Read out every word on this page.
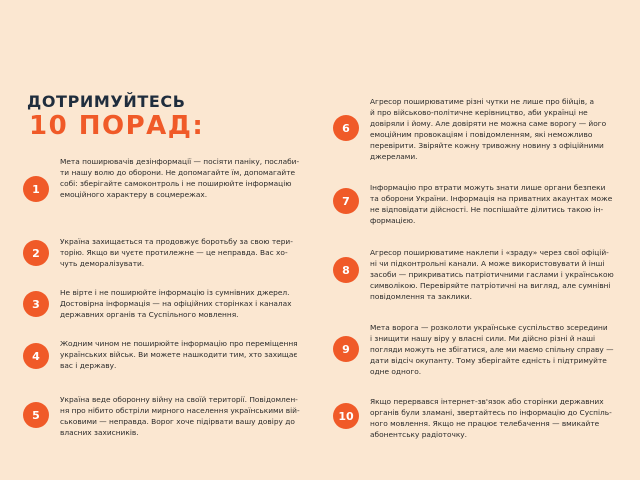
ДОТРИМУЙТЕСЬ
10 ПОРАД:
1
Мета поширювачів дезінформації — посіяти паніку, послаби-
ти нашу волю до оборони. Не допомагайте їм, допомагайте
собі: зберігайте самоконтроль і не поширюйте інформацію
емоційного характеру в соцмережах.
2
Україна захищається та продовжує боротьбу за свою тери-
торію. Якщо ви чуєте протилежне — це неправда. Вас хо-
чуть деморалізувати.
3
Не вірте і не поширюйте інформацію із сумнівних джерел.
Достовірна інформація — на офіційних сторінках і каналах
державних органів та Суспільного мовлення.
4
Жодним чином не поширюйте інформацію про переміщення
українських військ. Ви можете нашкодити тим, хто захищає
вас і державу.
5
Україна веде оборонну війну на своїй території. Повідомлен-
ня про нібито обстріли мирного населення українськими вій-
ськовими — неправда. Ворог хоче підірвати вашу довіру до
власних захисників.
6
Агресор поширюватиме різні чутки не лише про бійців, а
й про військово-політичне керівництво, аби українці не
довіряли і йому. Але довіряти не можна саме ворогу — його
емоційним провокаціям і повідомленням, які неможливо
перевірити. Звіряйте кожну тривожну новину з офіційними
джерелами.
7
Інформацію про втрати можуть знати лише органи безпеки
та оборони України. Інформація на приватних акаунтах може
не відповідати дійсності. Не поспішайте ділитись такою ін-
формацією.
8
Агресор поширюватиме наклепи і «зраду» через свої офіцій-
ні чи підконтрольні канали. А може використовувати й інші
засоби — прикриватись патріотичними гаслами і українською
символікою. Перевіряйте патріотичні на вигляд, але сумнівні
повідомлення та заклики.
9
Мета ворога — розколоти українське суспільство зсередини
і знищити нашу віру у власні сили. Ми дійсно різні й наші
погляди можуть не збігатися, але ми маємо спільну справу —
дати відсіч окупанту. Тому зберігайте єдність і підтримуйте
одне одного.
10
Якщо перервався інтернет-зв'язок або сторінки державних
органів були зламані, звертайтесь по інформацію до Суспіль-
ного мовлення. Якщо не працює телебачення — вмикайте
абонентську радіоточку.
